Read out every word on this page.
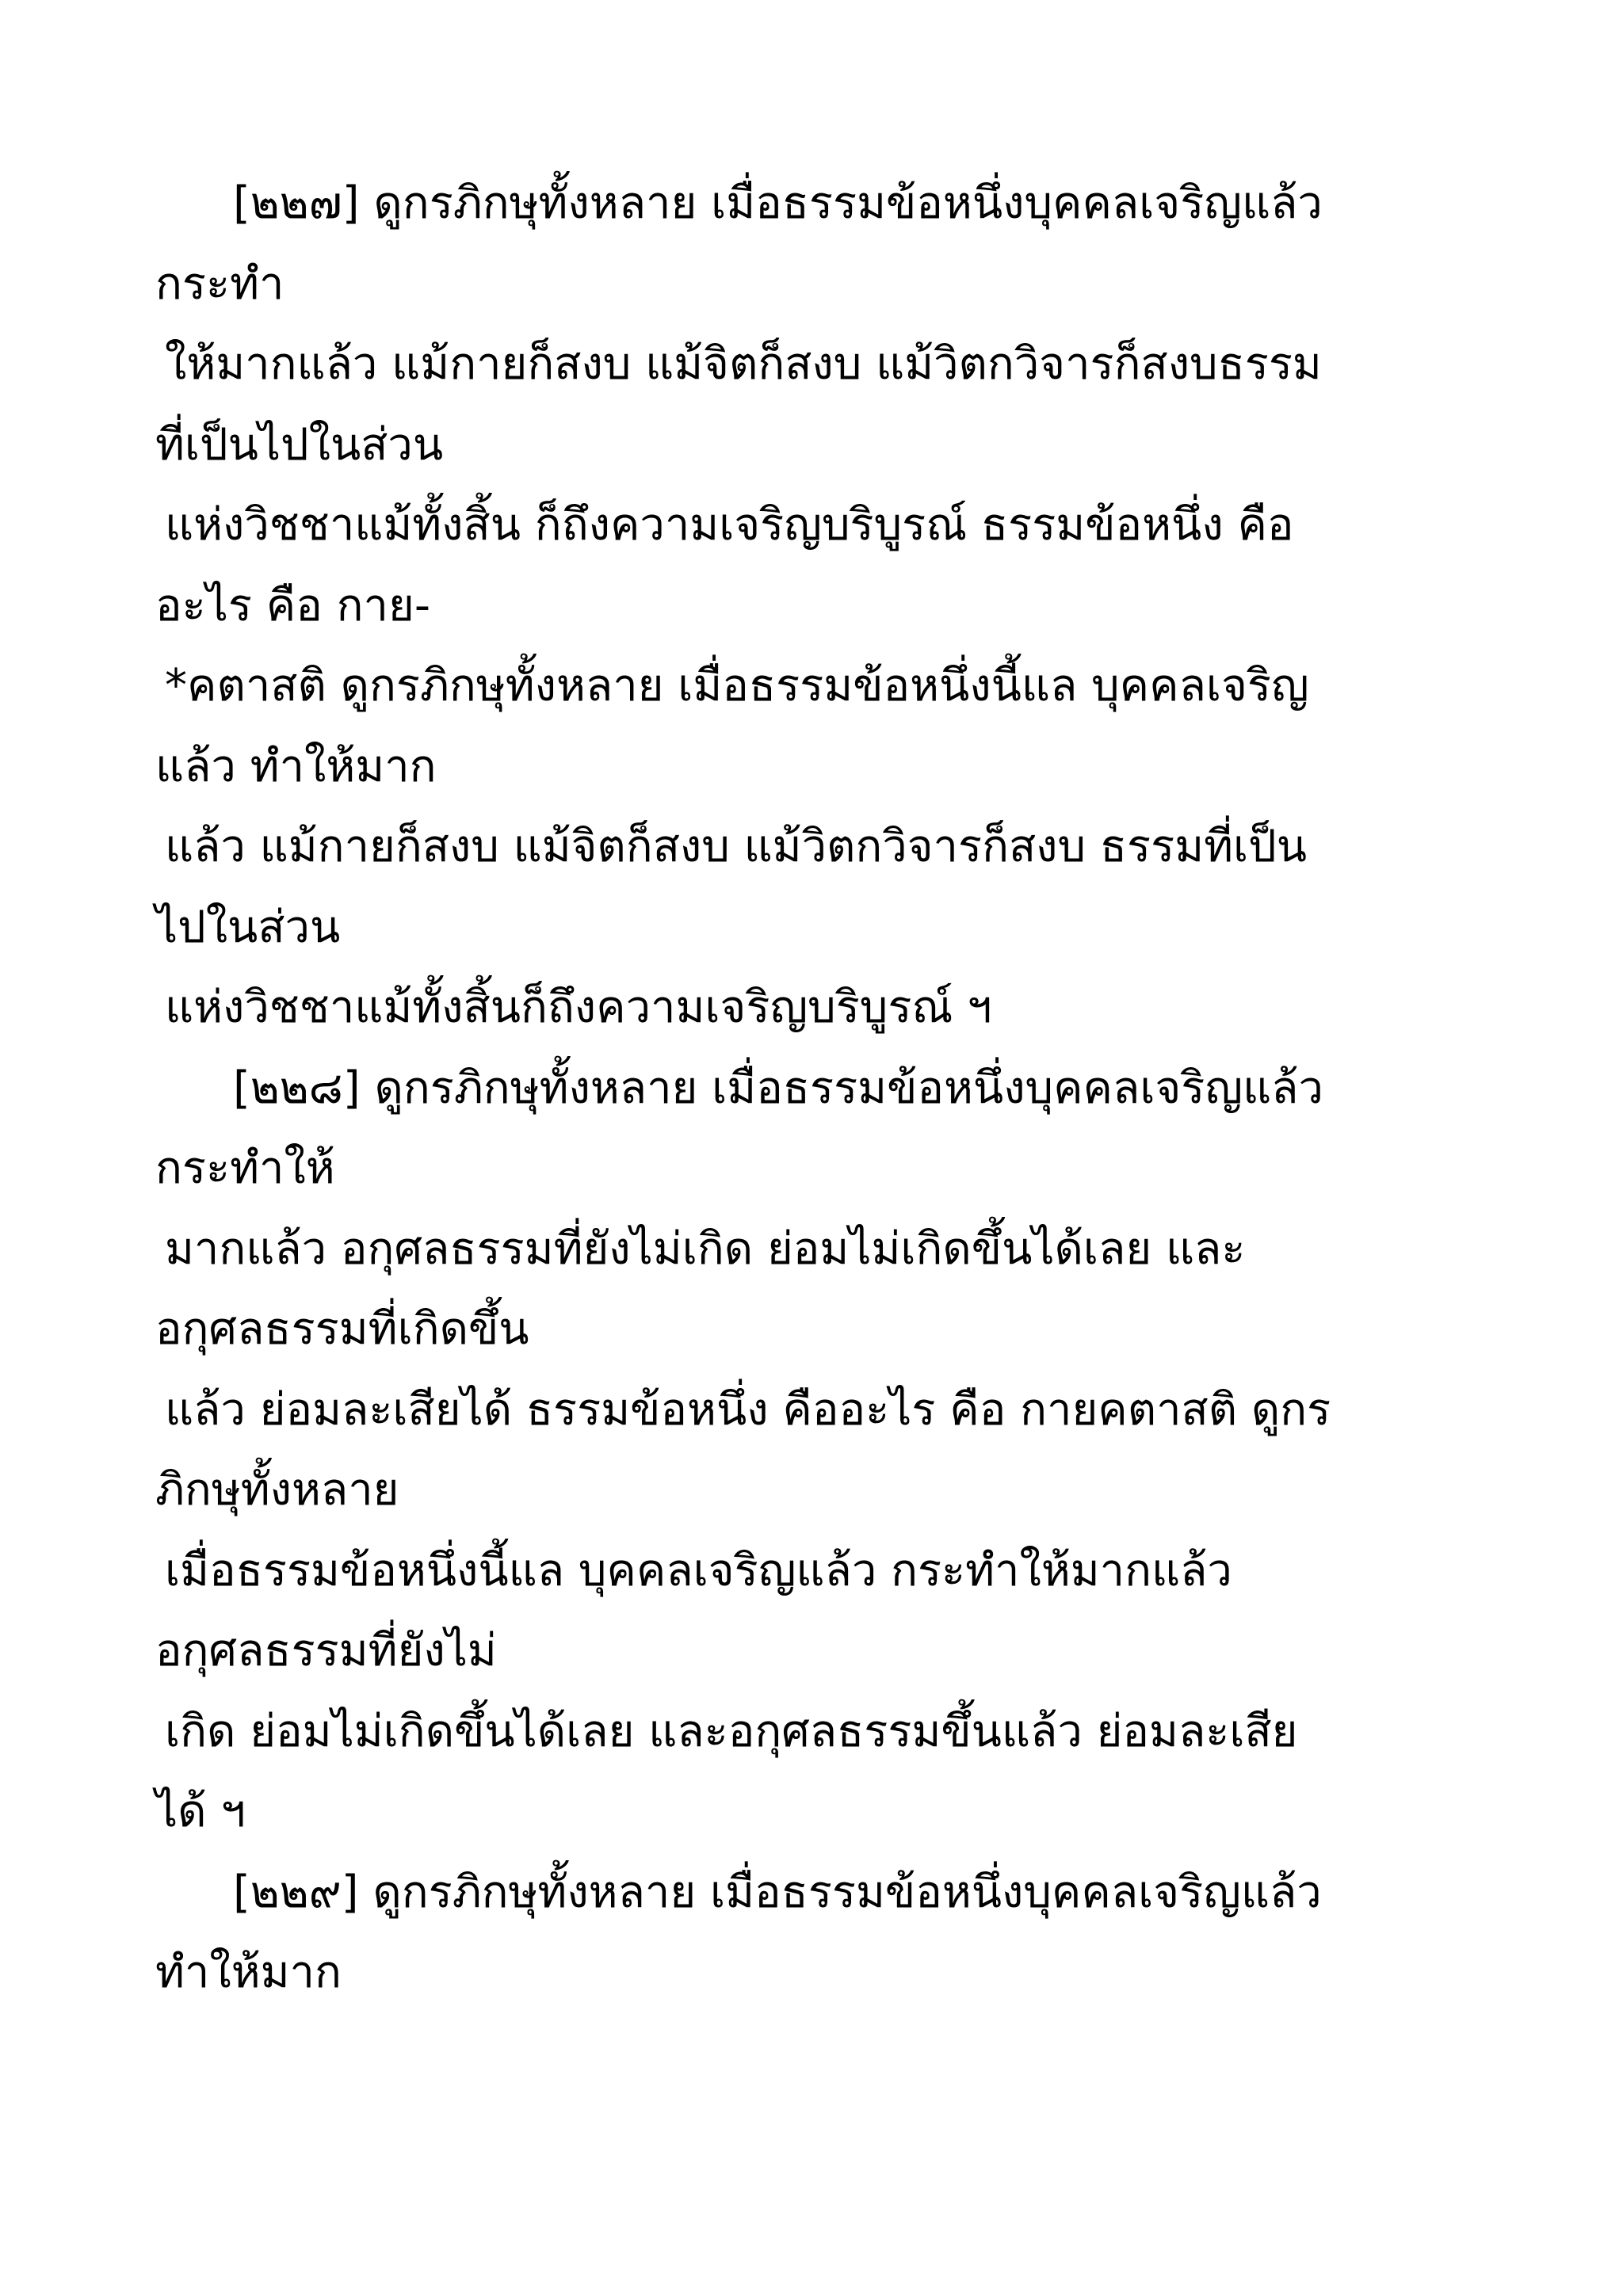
[๒๒๗] ดูกรภิกษุทั้งหลาย เมื่อธรรมข้อหนึ่งบุคคลเจริญแล้ว
กระทำ
ให้มากแล้ว แม้กายก็สงบ แม้จิตก็สงบ แม้วิตกวิจารก็สงบธรรม
ที่เป็นไปในส่วน
แห่งวิชชาแม้ทั้งสิ้น ก็ถึงความเจริญบริบูรณ์ ธรรมข้อหนึ่ง คือ
อะไร คือ กาย-
*คตาสติ ดูกรภิกษุทั้งหลาย เมื่อธรรมข้อหนึ่งนี้แล บุคคลเจริญ
แล้ว ทำให้มาก
แล้ว แม้กายก็สงบ แม้จิตก็สงบ แม้วิตกวิจารก็สงบ ธรรมที่เป็น
ไปในส่วน
แห่งวิชชาแม้ทั้งสิ้นก็ถึงความเจริญบริบูรณ์ ฯ
[๒๒๘] ดูกรภิกษุทั้งหลาย เมื่อธรรมข้อหนึ่งบุคคลเจริญแล้ว
กระทำให้
มากแล้ว อกุศลธรรมที่ยังไม่เกิด ย่อมไม่เกิดขึ้นได้เลย และ
อกุศลธรรมที่เกิดขึ้น
แล้ว ย่อมละเสียได้ ธรรมข้อหนึ่ง คืออะไร คือ กายคตาสติ ดูกร
ภิกษุทั้งหลาย
เมื่อธรรมข้อหนึ่งนี้แล บุคคลเจริญแล้ว กระทำให้มากแล้ว
อกุศลธรรมที่ยังไม่
เกิด ย่อมไม่เกิดขึ้นได้เลย และอกุศลธรรมขึ้นแล้ว ย่อมละเสีย
ได้ ฯ
[๒๒๙] ดูกรภิกษุทั้งหลาย เมื่อธรรมข้อหนึ่งบุคคลเจริญแล้ว
ทำให้มาก
